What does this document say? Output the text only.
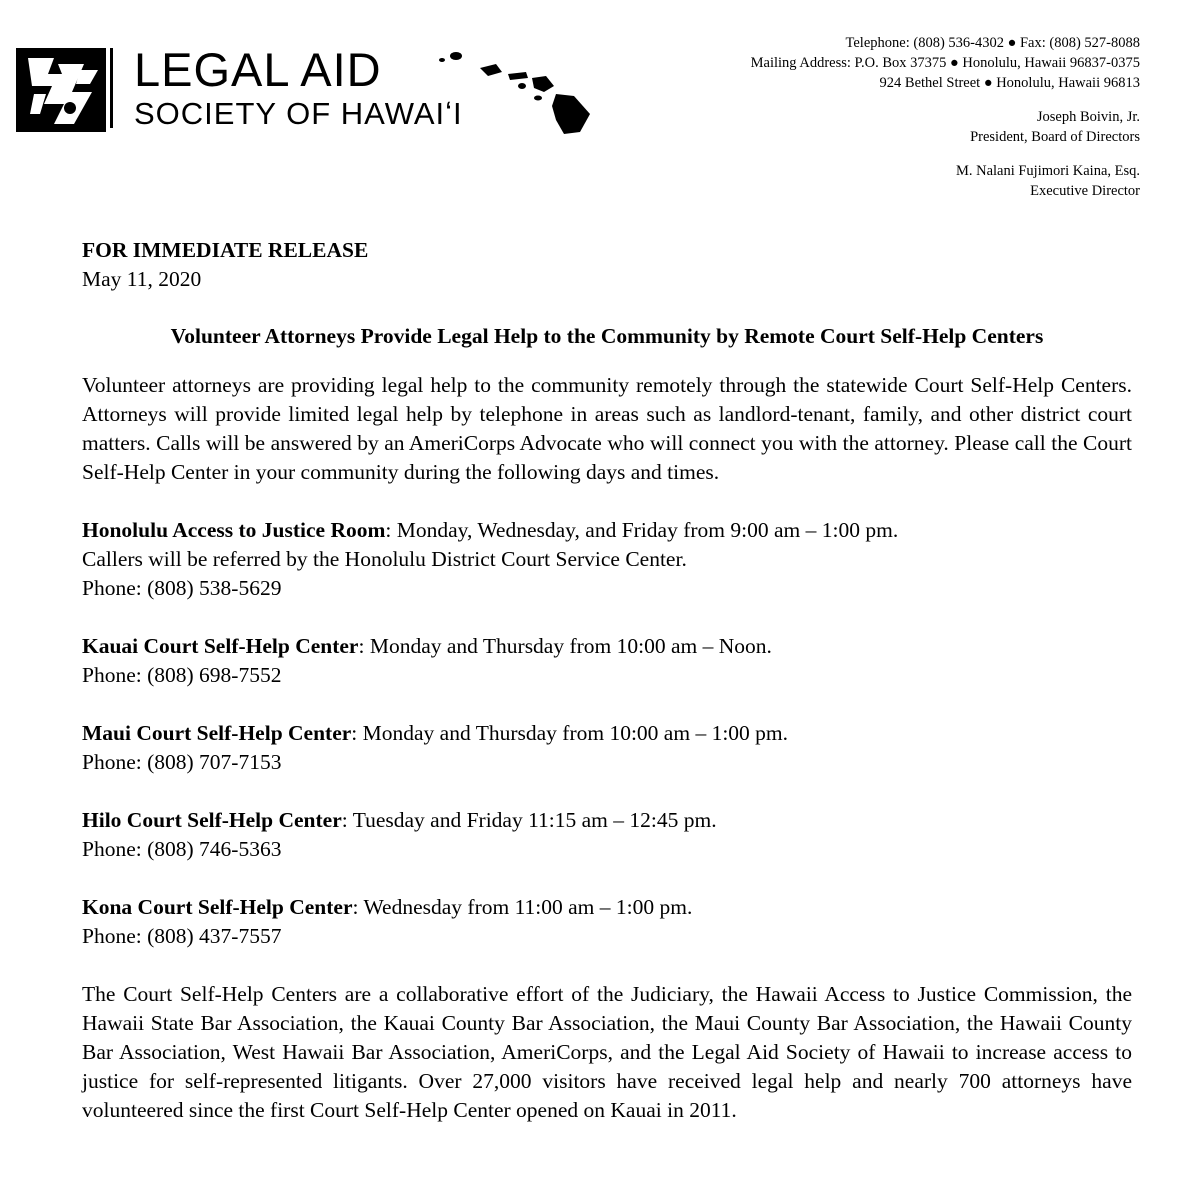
LEGAL AID
SOCIETY OF HAWAIʻI
Telephone: (808) 536-4302 ● Fax: (808) 527-8088
Mailing Address: P.O. Box 37375 ● Honolulu, Hawaii 96837-0375
924 Bethel Street ● Honolulu, Hawaii 96813
Joseph Boivin, Jr.
President, Board of Directors
M. Nalani Fujimori Kaina, Esq.
Executive Director
FOR IMMEDIATE RELEASE
May 11, 2020
Volunteer Attorneys Provide Legal Help to the Community by Remote Court Self-Help Centers

Volunteer attorneys are providing legal help to the community remotely through the statewide Court Self-Help Centers. Attorneys will provide limited legal help by telephone in areas such as landlord-tenant, family, and other district court matters. Calls will be answered by an AmeriCorps Advocate who will connect you with the attorney. Please call the Court Self-Help Center in your community during the following days and times.

Honolulu Access to Justice Room: Monday, Wednesday, and Friday from 9:00 am – 1:00 pm.
Callers will be referred by the Honolulu District Court Service Center.
Phone: (808) 538-5629
Kauai Court Self-Help Center: Monday and Thursday from 10:00 am – Noon.
Phone: (808) 698-7552
Maui Court Self-Help Center: Monday and Thursday from 10:00 am – 1:00 pm.
Phone: (808) 707-7153
Hilo Court Self-Help Center: Tuesday and Friday 11:15 am – 12:45 pm.
Phone: (808) 746-5363
Kona Court Self-Help Center: Wednesday from 11:00 am – 1:00 pm.
Phone: (808) 437-7557

The Court Self-Help Centers are a collaborative effort of the Judiciary, the Hawaii Access to Justice Commission, the Hawaii State Bar Association, the Kauai County Bar Association, the Maui County Bar Association, the Hawaii County Bar Association, West Hawaii Bar Association, AmeriCorps, and the Legal Aid Society of Hawaii to increase access to justice for self-represented litigants. Over 27,000 visitors have received legal help and nearly 700 attorneys have volunteered since the first Court Self-Help Center opened on Kauai in 2011.
